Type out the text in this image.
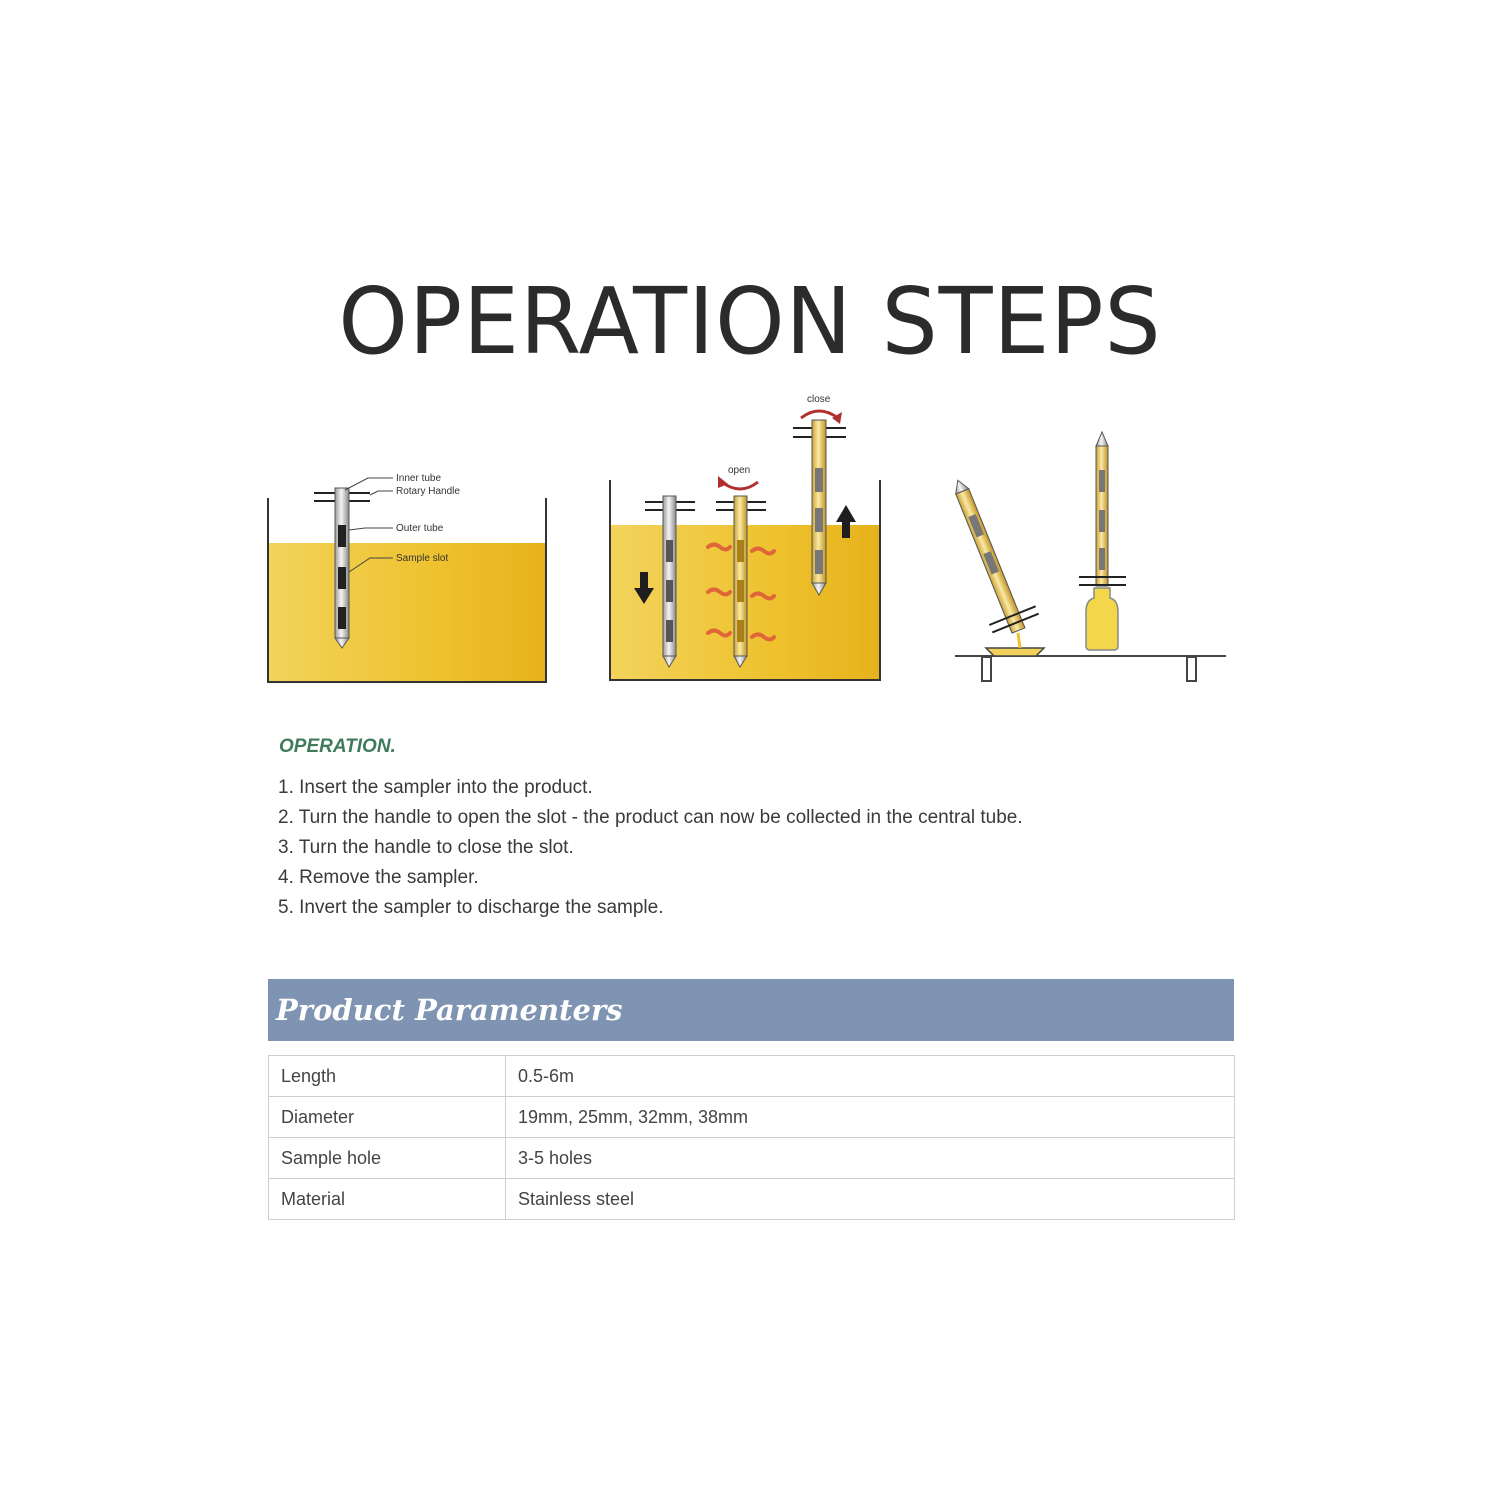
OPERATION STEPS
Inner tube
Rotary Handle
Outer tube
Sample slot
open
close
OPERATION.
1. Insert the sampler into the product.
2. Turn the handle to open the slot - the product can now be collected in the central tube.
3. Turn the handle to close the slot.
4. Remove the sampler.
5. Invert the sampler to discharge the sample.
Product Paramenters
Length	0.5-6m
Diameter	19mm, 25mm, 32mm, 38mm
Sample hole	3-5 holes
Material	Stainless steel
